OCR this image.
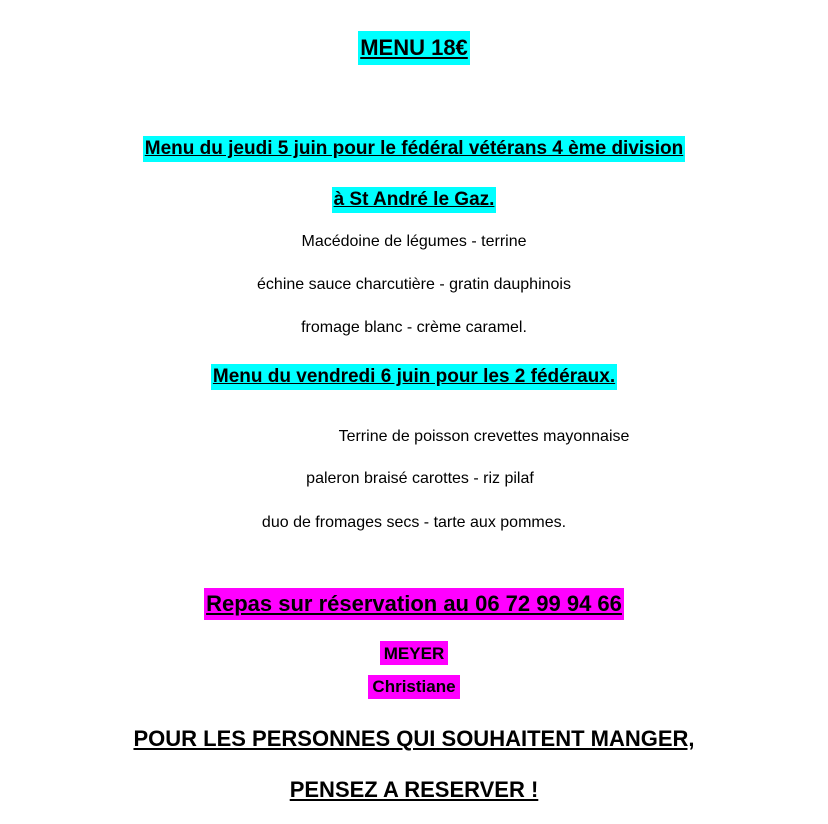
MENU 18€
Menu du jeudi 5 juin pour le fédéral vétérans 4 ème division
à St André le Gaz.
Macédoine de légumes - terrine
échine sauce charcutière - gratin dauphinois
fromage blanc - crème caramel.
Menu du vendredi 6 juin pour les 2 fédéraux.
Terrine de poisson crevettes mayonnaise
paleron braisé carottes - riz pilaf
duo de fromages secs - tarte aux pommes.
Repas sur réservation au 06 72 99 94 66
MEYER
Christiane
POUR LES PERSONNES QUI SOUHAITENT MANGER,
PENSEZ A RESERVER !
